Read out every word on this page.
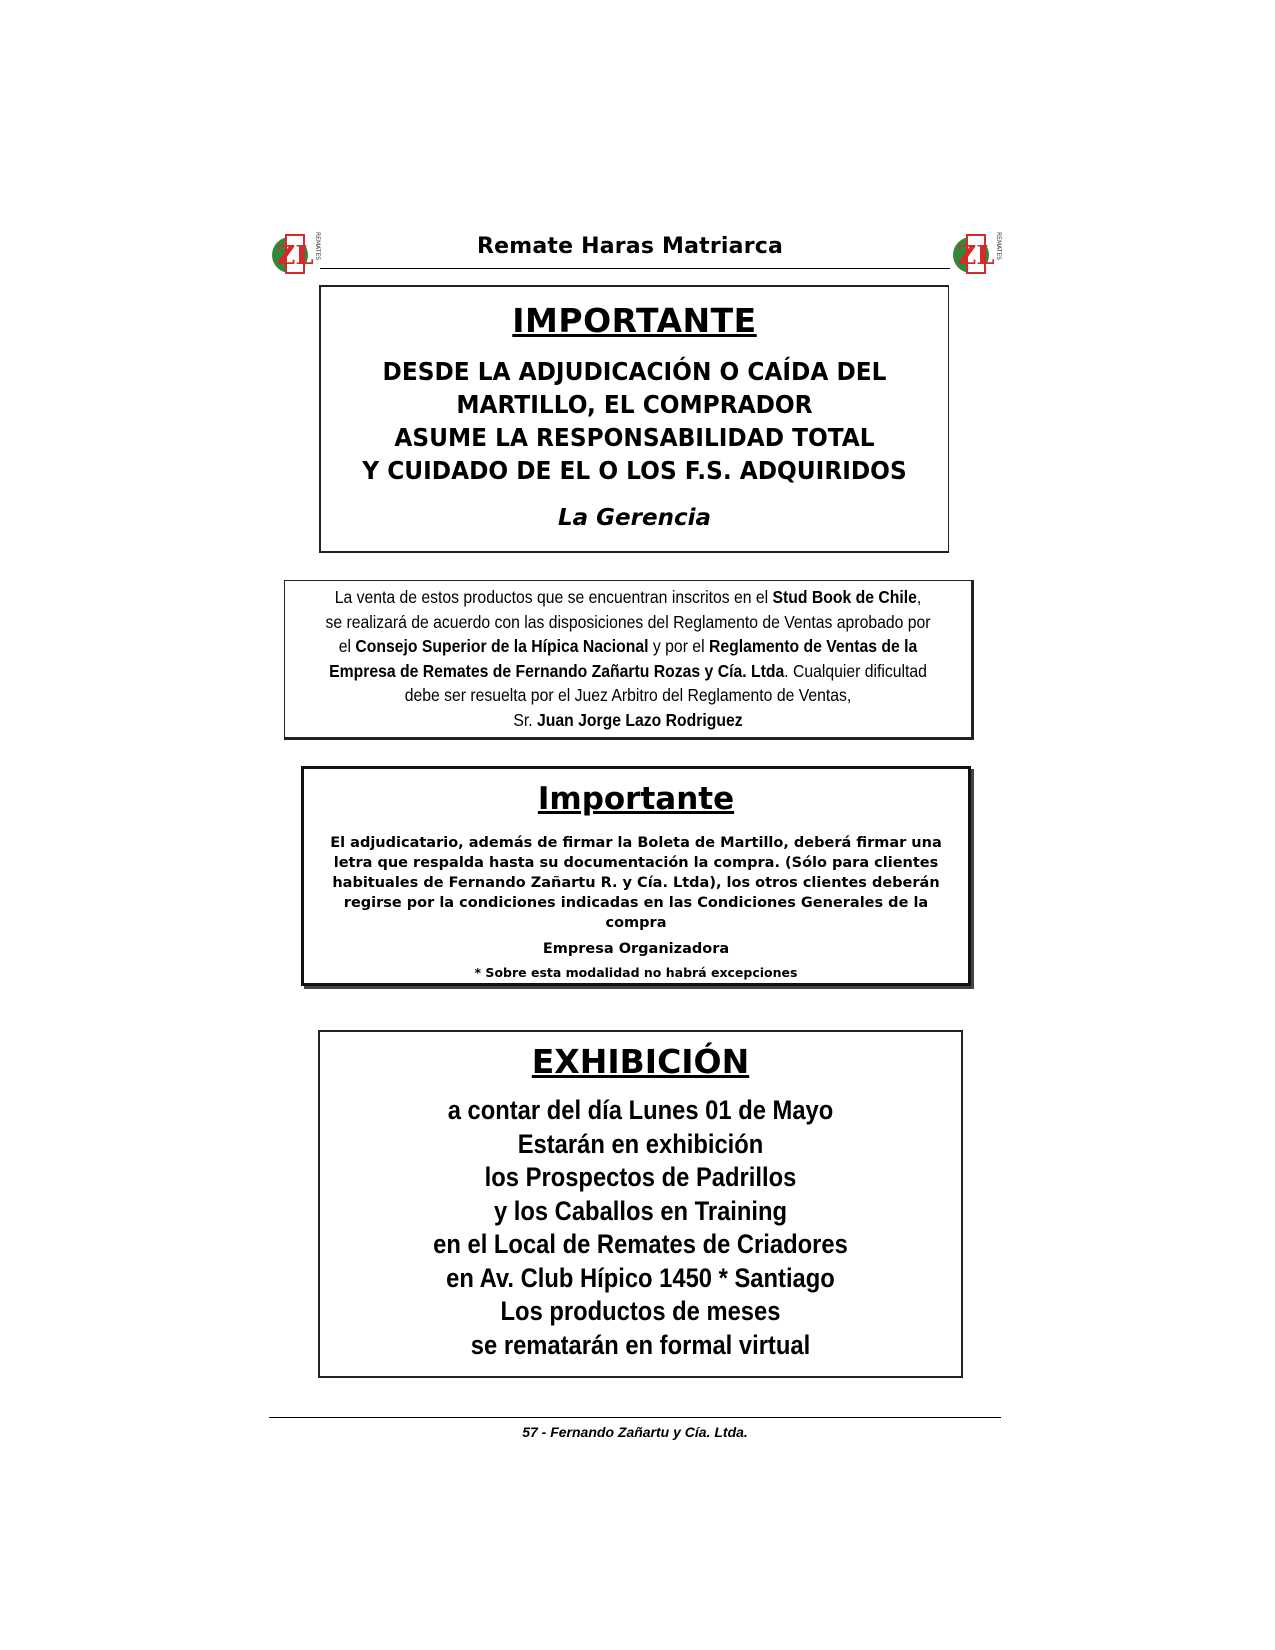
ZL REMATES	ZL REMATES
Remate Haras Matriarca
IMPORTANTE
DESDE LA ADJUDICACIÓN O CAÍDA DEL
MARTILLO, EL COMPRADOR
ASUME LA RESPONSABILIDAD TOTAL
Y CUIDADO DE EL O LOS F.S. ADQUIRIDOS
La Gerencia
La venta de estos productos que se encuentran inscritos en el Stud Book de Chile, se realizará de acuerdo con las disposiciones del Reglamento de Ventas aprobado por el Consejo Superior de la Hípica Nacional y por el Reglamento de Ventas de la Empresa de Remates de Fernando Zañartu Rozas y Cía. Ltda. Cualquier dificultad debe ser resuelta por el Juez Arbitro del Reglamento de Ventas,
Sr. Juan Jorge Lazo Rodriguez
Importante
El adjudicatario, además de firmar la Boleta de Martillo, deberá firmar una letra que respalda hasta su documentación la compra. (Sólo para clientes habituales de Fernando Zañartu R. y Cía. Ltda), los otros clientes deberán regirse por la condiciones indicadas en las Condiciones Generales de la compra
Empresa Organizadora
* Sobre esta modalidad no habrá excepciones
EXHIBICIÓN
a contar del día Lunes 01 de Mayo
Estarán en exhibición
los Prospectos de Padrillos
y los Caballos en Training
en el Local de Remates de Criadores
en Av. Club Hípico 1450 * Santiago
Los productos de meses
se rematarán en formal virtual
57 - Fernando Zañartu y Cía. Ltda.
